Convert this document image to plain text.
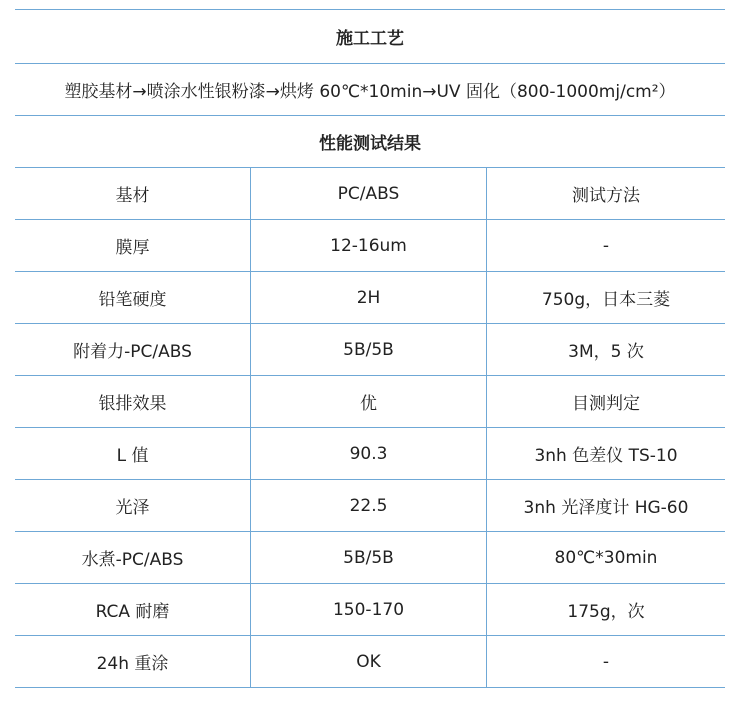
施工工艺
塑胶基材→喷涂水性银粉漆→烘烤 60℃*10min→UV 固化（800-1000mj/cm²）
性能测试结果
基材	PC/ABS	测试方法
膜厚	12-16um	-
铅笔硬度	2H	750g，日本三菱
附着力-PC/ABS	5B/5B	3M，5 次
银排效果	优	目测判定
L 值	90.3	3nh 色差仪 TS-10
光泽	22.5	3nh 光泽度计 HG-60
水煮-PC/ABS	5B/5B	80℃*30min
RCA 耐磨	150-170	175g，次
24h 重涂	OK	-
